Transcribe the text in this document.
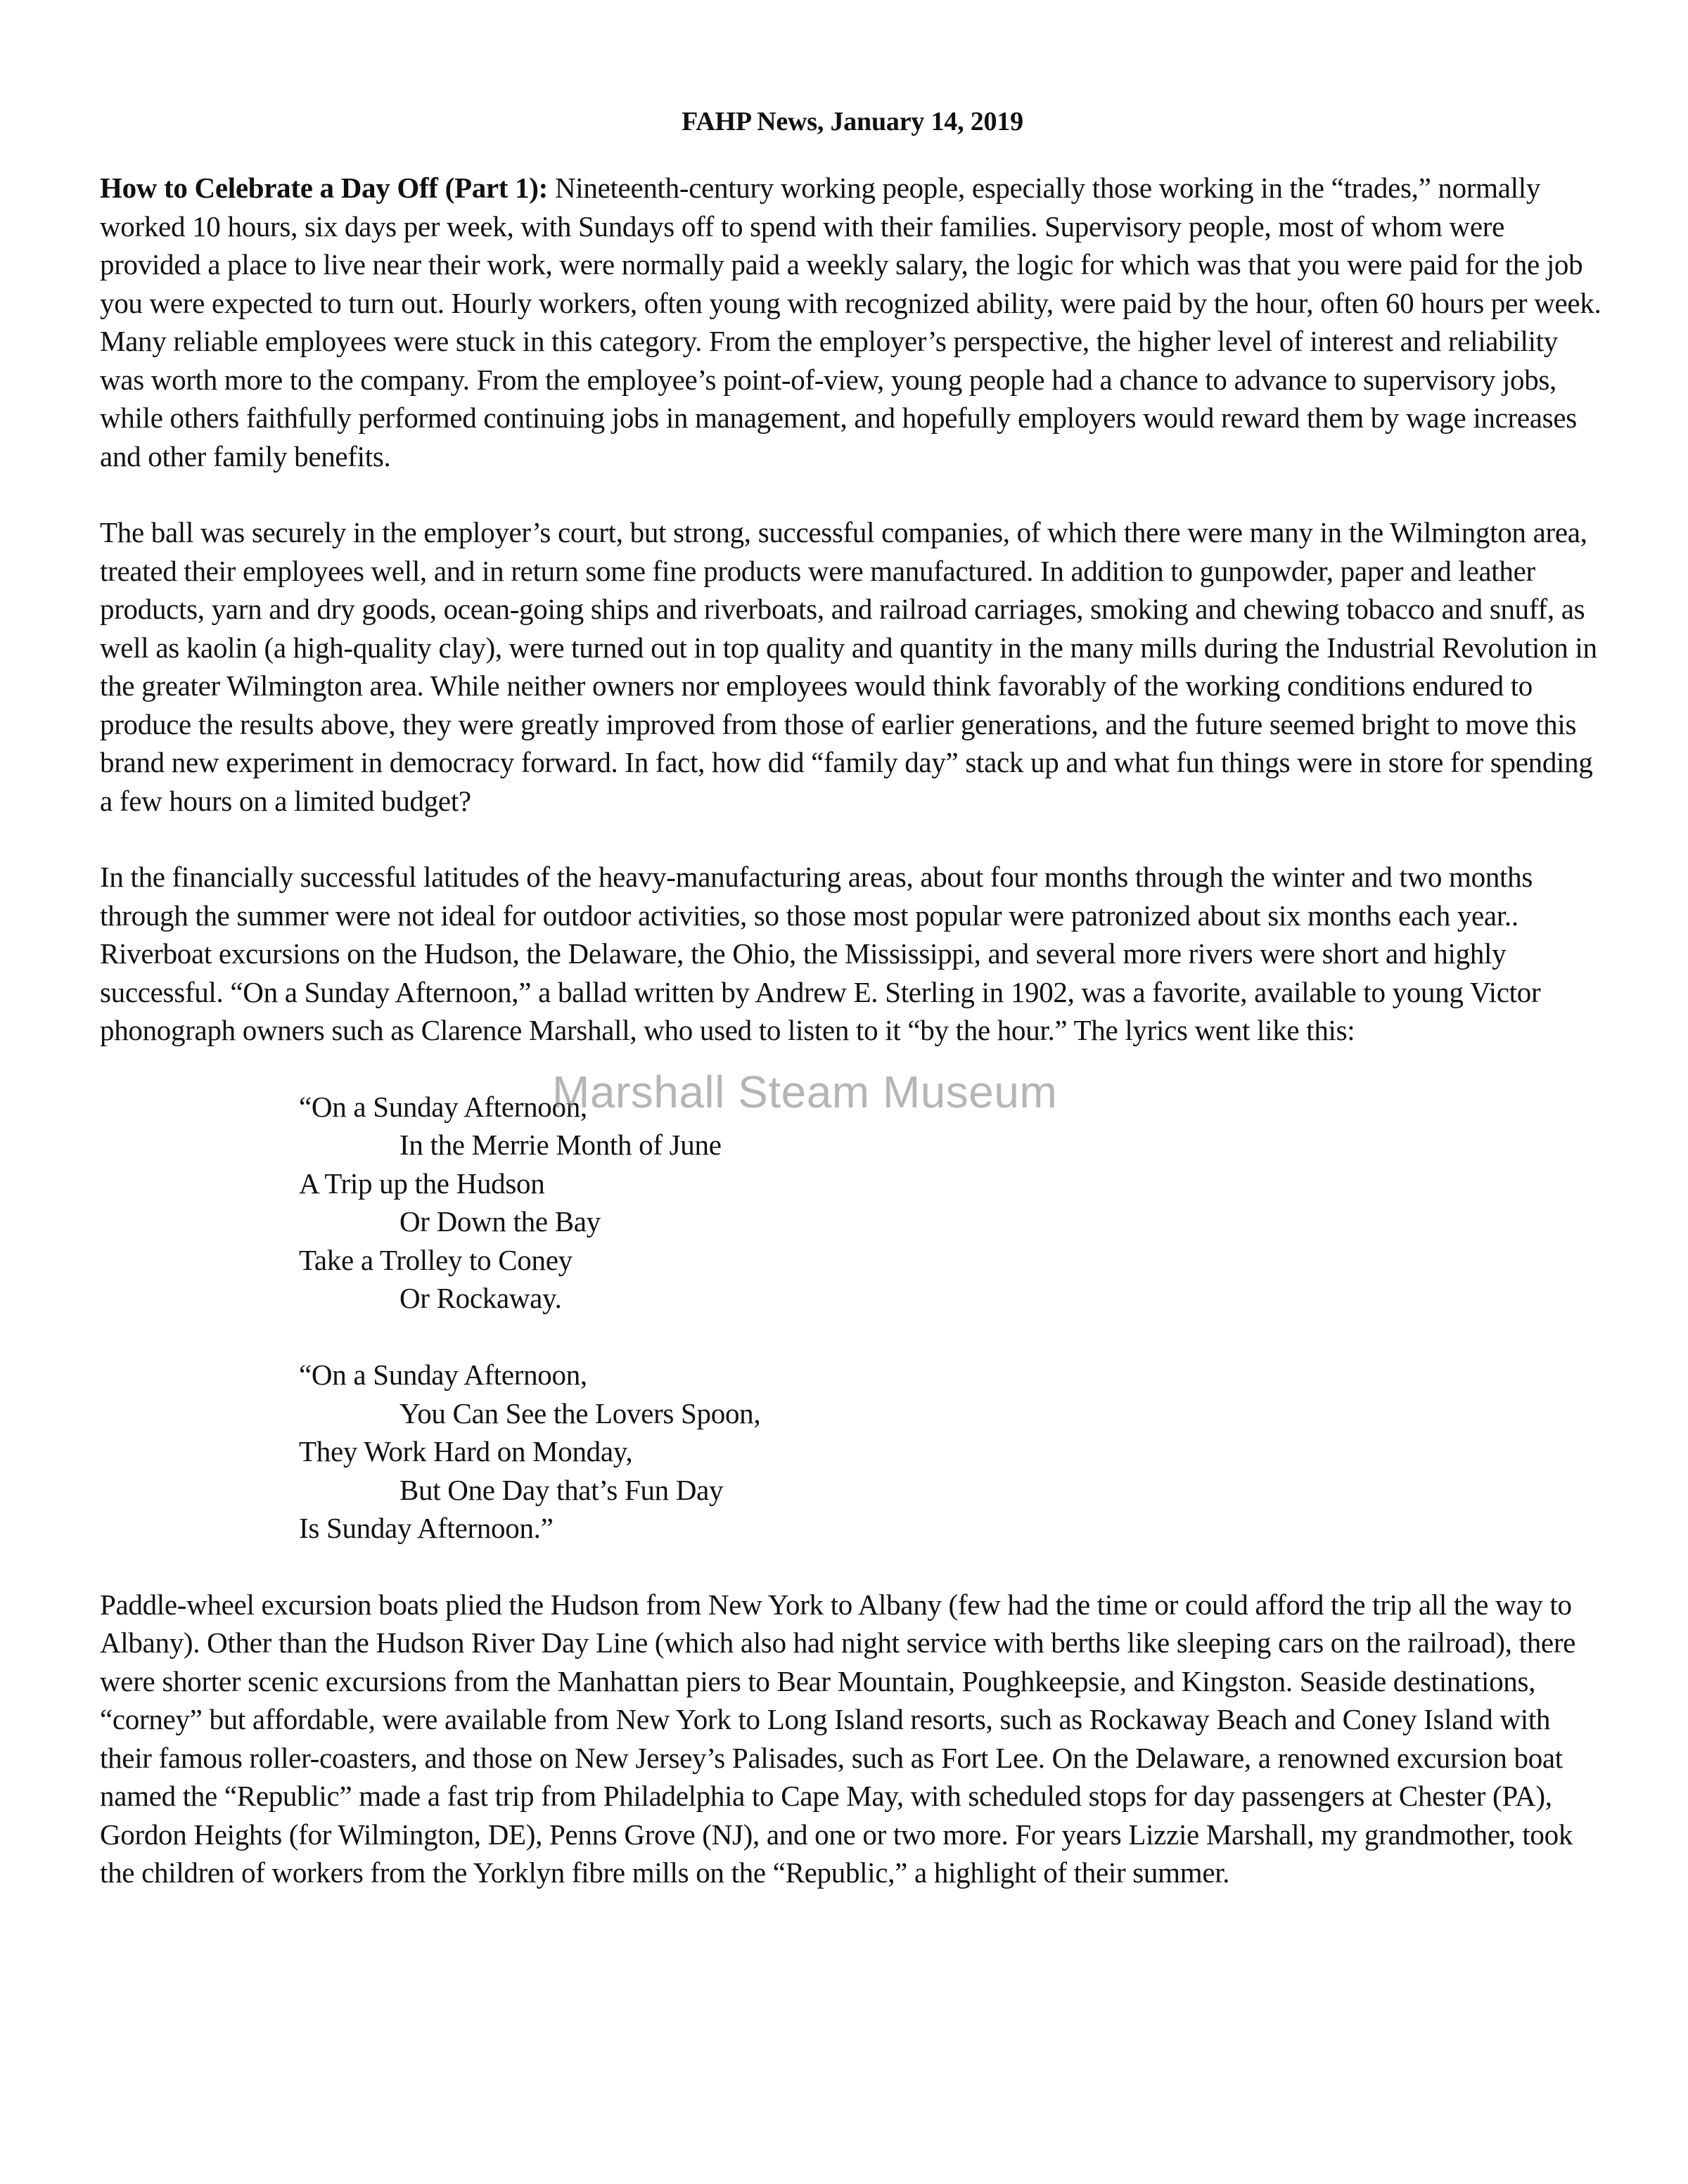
FAHP News, January 14, 2019

How to Celebrate a Day Off (Part 1): Nineteenth-century working people, especially those working in the “trades,” normally worked 10 hours, six days per week, with Sundays off to spend with their families. Supervisory people, most of whom were provided a place to live near their work, were normally paid a weekly salary, the logic for which was that you were paid for the job you were expected to turn out. Hourly workers, often young with recognized ability, were paid by the hour, often 60 hours per week. Many reliable employees were stuck in this category. From the employer’s perspective, the higher level of interest and reliability was worth more to the company. From the employee’s point-of-view, young people had a chance to advance to supervisory jobs, while others faithfully performed continuing jobs in management, and hopefully employers would reward them by wage increases and other family benefits.

The ball was securely in the employer’s court, but strong, successful companies, of which there were many in the Wilmington area, treated their employees well, and in return some fine products were manufactured. In addition to gunpowder, paper and leather products, yarn and dry goods, ocean-going ships and riverboats, and railroad carriages, smoking and chewing tobacco and snuff, as well as kaolin (a high-quality clay), were turned out in top quality and quantity in the many mills during the Industrial Revolution in the greater Wilmington area. While neither owners nor employees would think favorably of the working conditions endured to produce the results above, they were greatly improved from those of earlier generations, and the future seemed bright to move this brand new experiment in democracy forward. In fact, how did “family day” stack up and what fun things were in store for spending a few hours on a limited budget?

In the financially successful latitudes of the heavy-manufacturing areas, about four months through the winter and two months through the summer were not ideal for outdoor activities, so those most popular were patronized about six months each year.. Riverboat excursions on the Hudson, the Delaware, the Ohio, the Mississippi, and several more rivers were short and highly successful. “On a Sunday Afternoon,” a ballad written by Andrew E. Sterling in 1902, was a favorite, available to young Victor phonograph owners such as Clarence Marshall, who used to listen to it “by the hour.” The lyrics went like this:

“On a Sunday Afternoon,
In the Merrie Month of June
A Trip up the Hudson
Or Down the Bay
Take a Trolley to Coney
Or Rockaway.
“On a Sunday Afternoon,
You Can See the Lovers Spoon,
They Work Hard on Monday,
But One Day that’s Fun Day
Is Sunday Afternoon.”

Paddle-wheel excursion boats plied the Hudson from New York to Albany (few had the time or could afford the trip all the way to Albany). Other than the Hudson River Day Line (which also had night service with berths like sleeping cars on the railroad), there were shorter scenic excursions from the Manhattan piers to Bear Mountain, Poughkeepsie, and Kingston. Seaside destinations, “corney” but affordable, were available from New York to Long Island resorts, such as Rockaway Beach and Coney Island with their famous roller-coasters, and those on New Jersey’s Palisades, such as Fort Lee. On the Delaware, a renowned excursion boat named the “Republic” made a fast trip from Philadelphia to Cape May, with scheduled stops for day passengers at Chester (PA), Gordon Heights (for Wilmington, DE), Penns Grove (NJ), and one or two more. For years Lizzie Marshall, my grandmother, took the children of workers from the Yorklyn fibre mills on the “Republic,” a highlight of their summer.

Marshall Steam Museum
